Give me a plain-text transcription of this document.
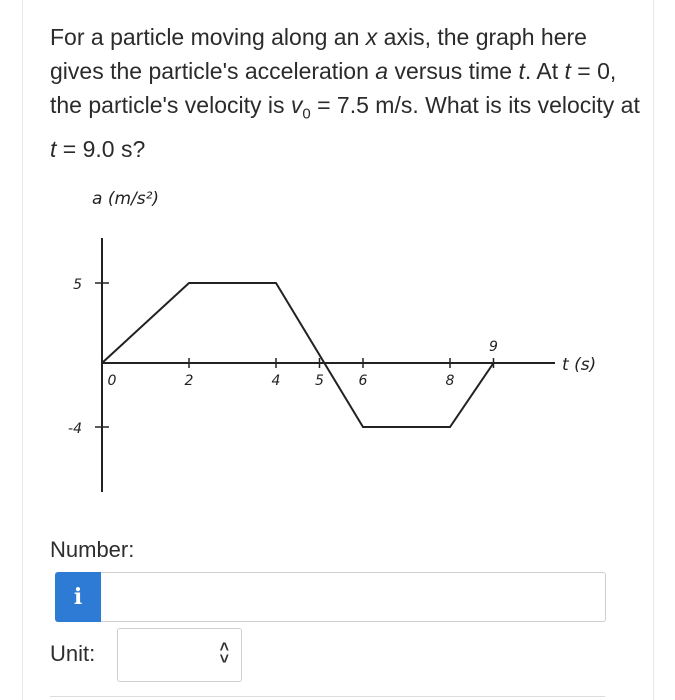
For a particle moving along an x axis, the graph here gives the particle's acceleration a versus time t. At t = 0, the particle's velocity is $v_0 = 7.5$ m/s. What is its velocity at t = 9.0 s?

a (m/s²)
t (s)
0	2	4 5 6	8
9
5
-4
Number:
i
Unit:	˄
˅
